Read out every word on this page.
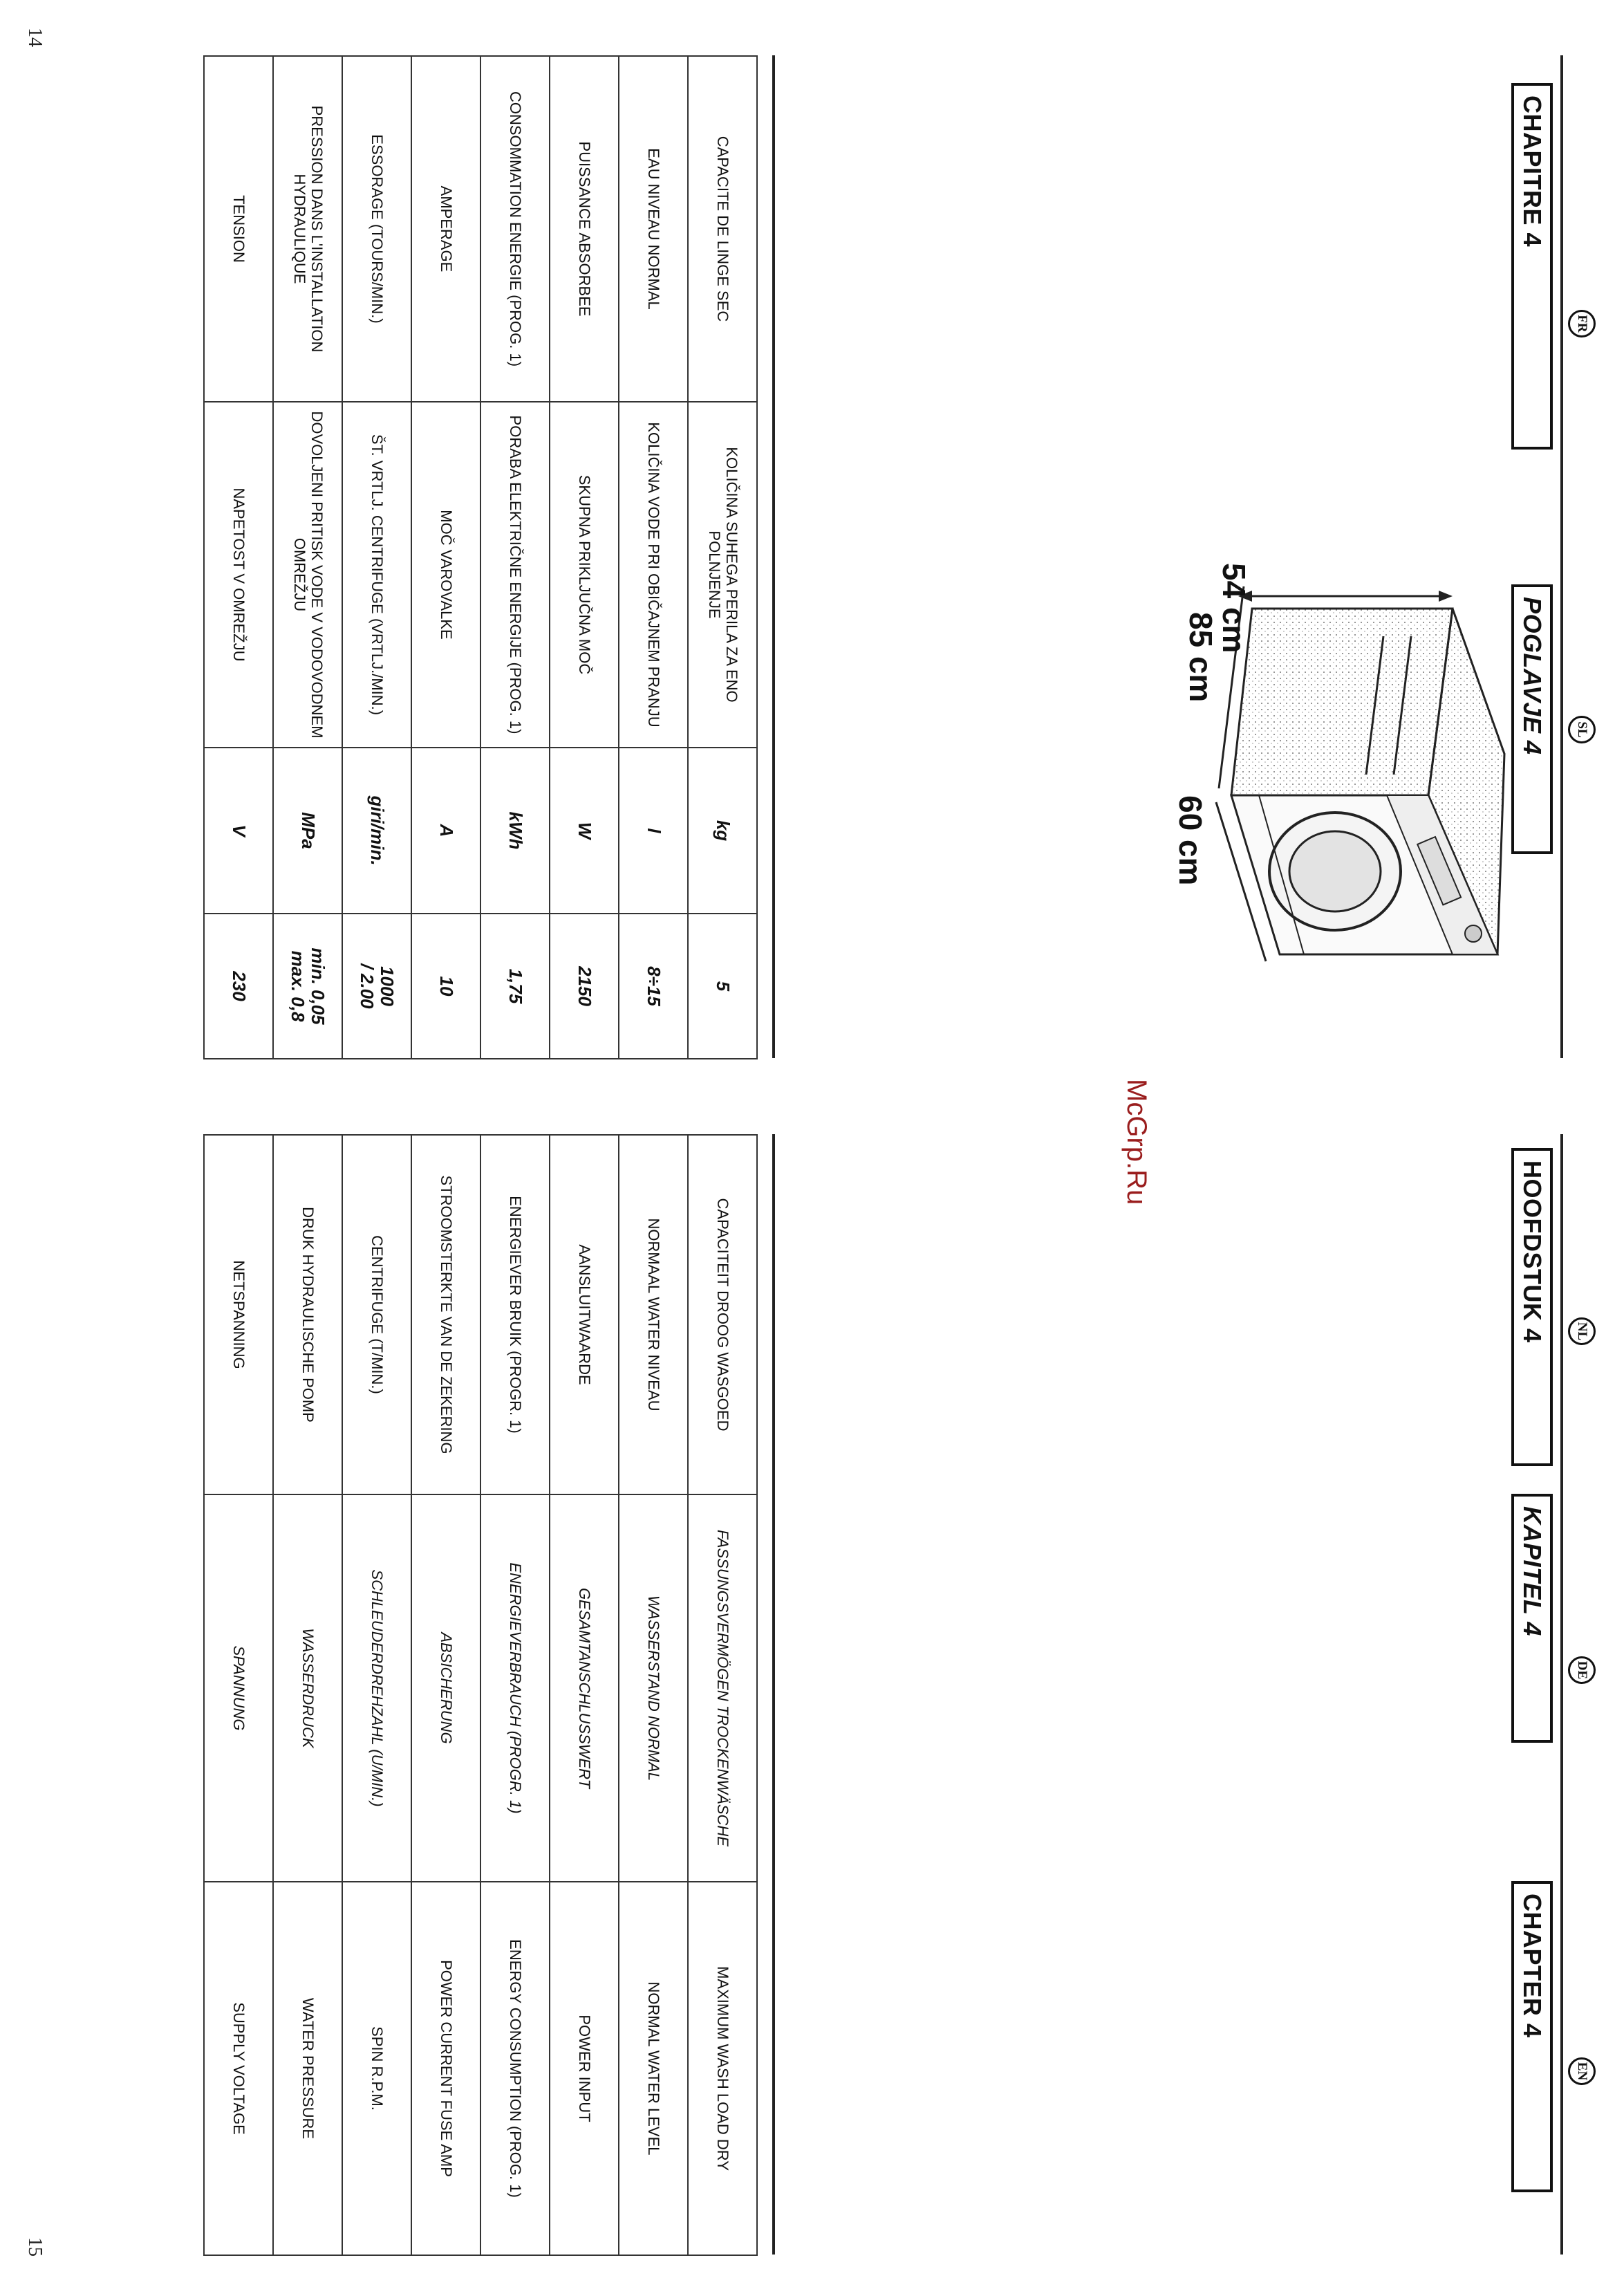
14
15
CHAPITRE 4
FR
POGLAVJE 4	SL
85 cm
60 cm
54 cm
CAPACITE DE LINGE SEC	KOLIČINA SUHEGA PERILA ZA ENO POLNJENJE	kg	5
EAU NIVEAU NORMAL	KOLIČINA VODE PRI OBIČAJNEM PRANJU	l	8÷15
PUISSANCE ABSORBEE	SKUPNA PRIKLJUČNA MOČ	W	2150
CONSOMMATION ENERGIE (PROG. 1)	PORABA ELEKTRIČNE ENERGIJE (PROG. 1)	kWh	1,75
AMPERAGE	MOČ VAROVALKE	A	10
ESSORAGE (TOURS/MIN.)	ŠT. VRTLJ. CENTRIFUGE (VRTLJ./MIN.)	giri/min.	1000
/ 2.00
PRESSION DANS L'INSTALLATION HYDRAULIQUE	DOVOLJENI PRITISK VODE V VODOVODNEM OMREŽJU	MPa	min. 0,05
max. 0,8
TENSION	NAPETOST V OMREŽJU	V	230
McGrp.Ru
HOOFDSTUK 4	NL
KAPITEL 4
DE
CHAPTER 4
EN
CAPACITEIT DROOG WASGOED	FASSUNGSVERMÖGEN TROCKENWÄSCHE	MAXIMUM WASH LOAD DRY
NORMAAL WATER NIVEAU	WASSERSTAND NORMAL	NORMAL WATER LEVEL
AANSLUITWAARDE	GESAMTANSCHLUSSWERT	POWER INPUT
ENERGIEVER BRUIK (PROGR. 1)	ENERGIEVERBRAUCH (PROGR. 1)	ENERGY CONSUMPTION (PROG. 1)
STROOMSTERKTE VAN DE ZEKERING	ABSICHERUNG	POWER CURRENT FUSE AMP
CENTRIFUGE (T/MIN.)	SCHLEUDERDREHZAHL (U/MIN.)	SPIN R.P.M.
DRUK HYDRAULISCHE POMP	WASSERDRUCK	WATER PRESSURE
NETSPANNING	SPANNUNG	SUPPLY VOLTAGE
